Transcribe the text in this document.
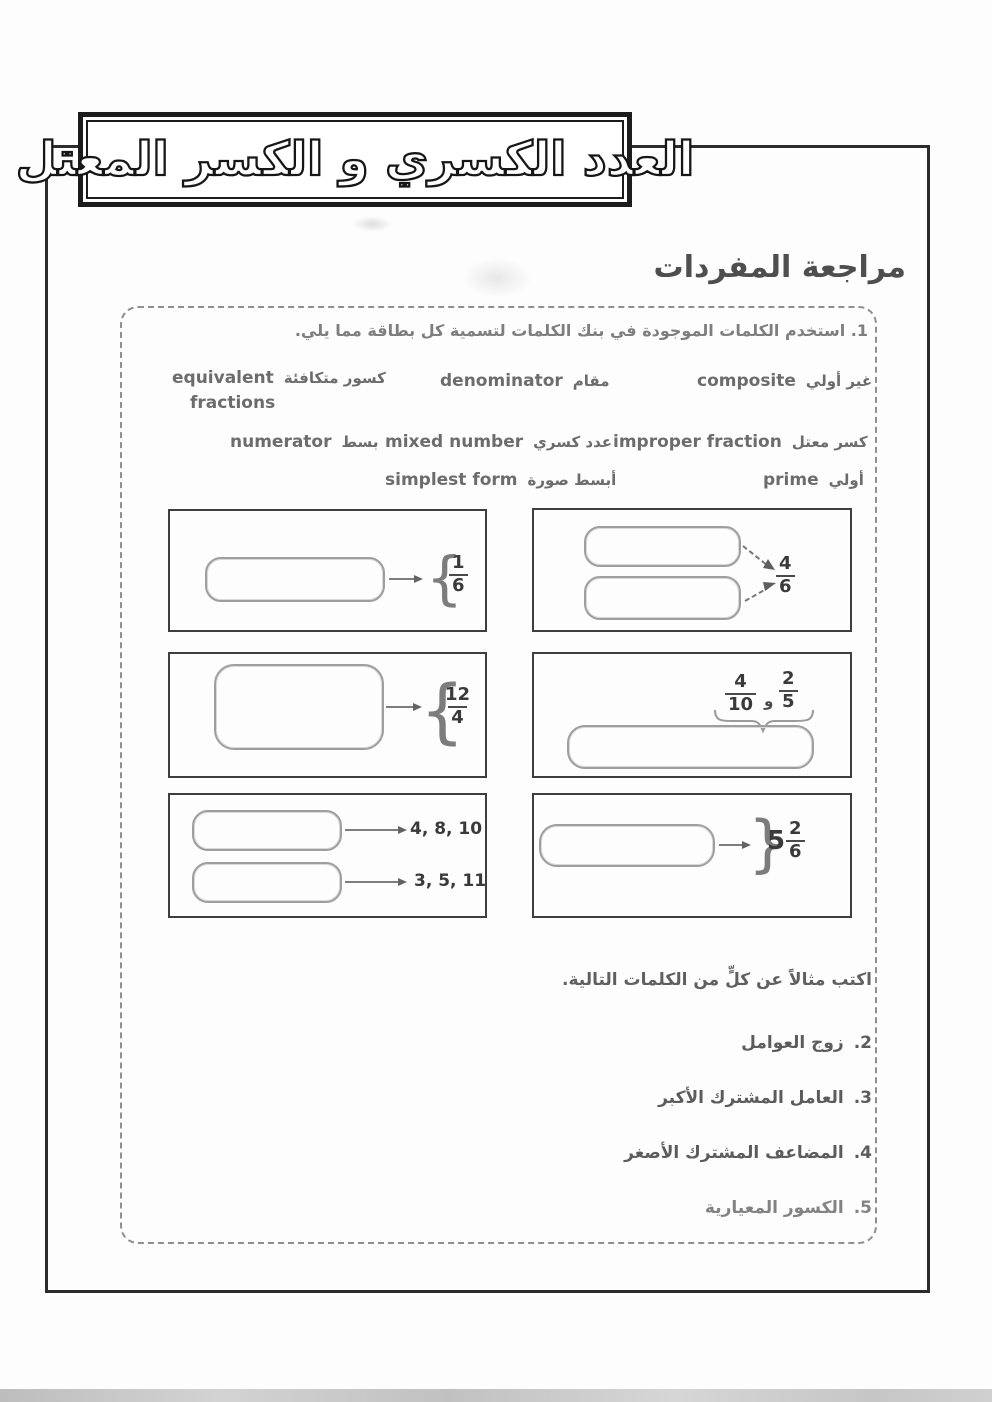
العدد الكسري و الكسر المعتل
مراجعة المفردات
1. استخدم الكلمات الموجودة في بنك الكلمات لتسمية كل بطاقة مما يلي.
equivalent كسور متكافئة
fractions
denominator مقام	composite غير أولي
numerator بسط mixed number عدد كسري improper fraction كسر معتل
simplest form أبسط صورة	prime أولي
{
$\frac{1}{6}$	$\frac{4}{6}$
{
$\frac{12}{4}$	$\frac{4}{10}$ و $\frac{2}{5}$
4, 8, 10
3, 5, 11
}
$5 \frac{2}{6}$
اكتب مثالاً عن كلٍّ من الكلمات التالية.
2.زوج العوامل
3.العامل المشترك الأكبر
4.المضاعف المشترك الأصغر
5.الكسور المعيارية
